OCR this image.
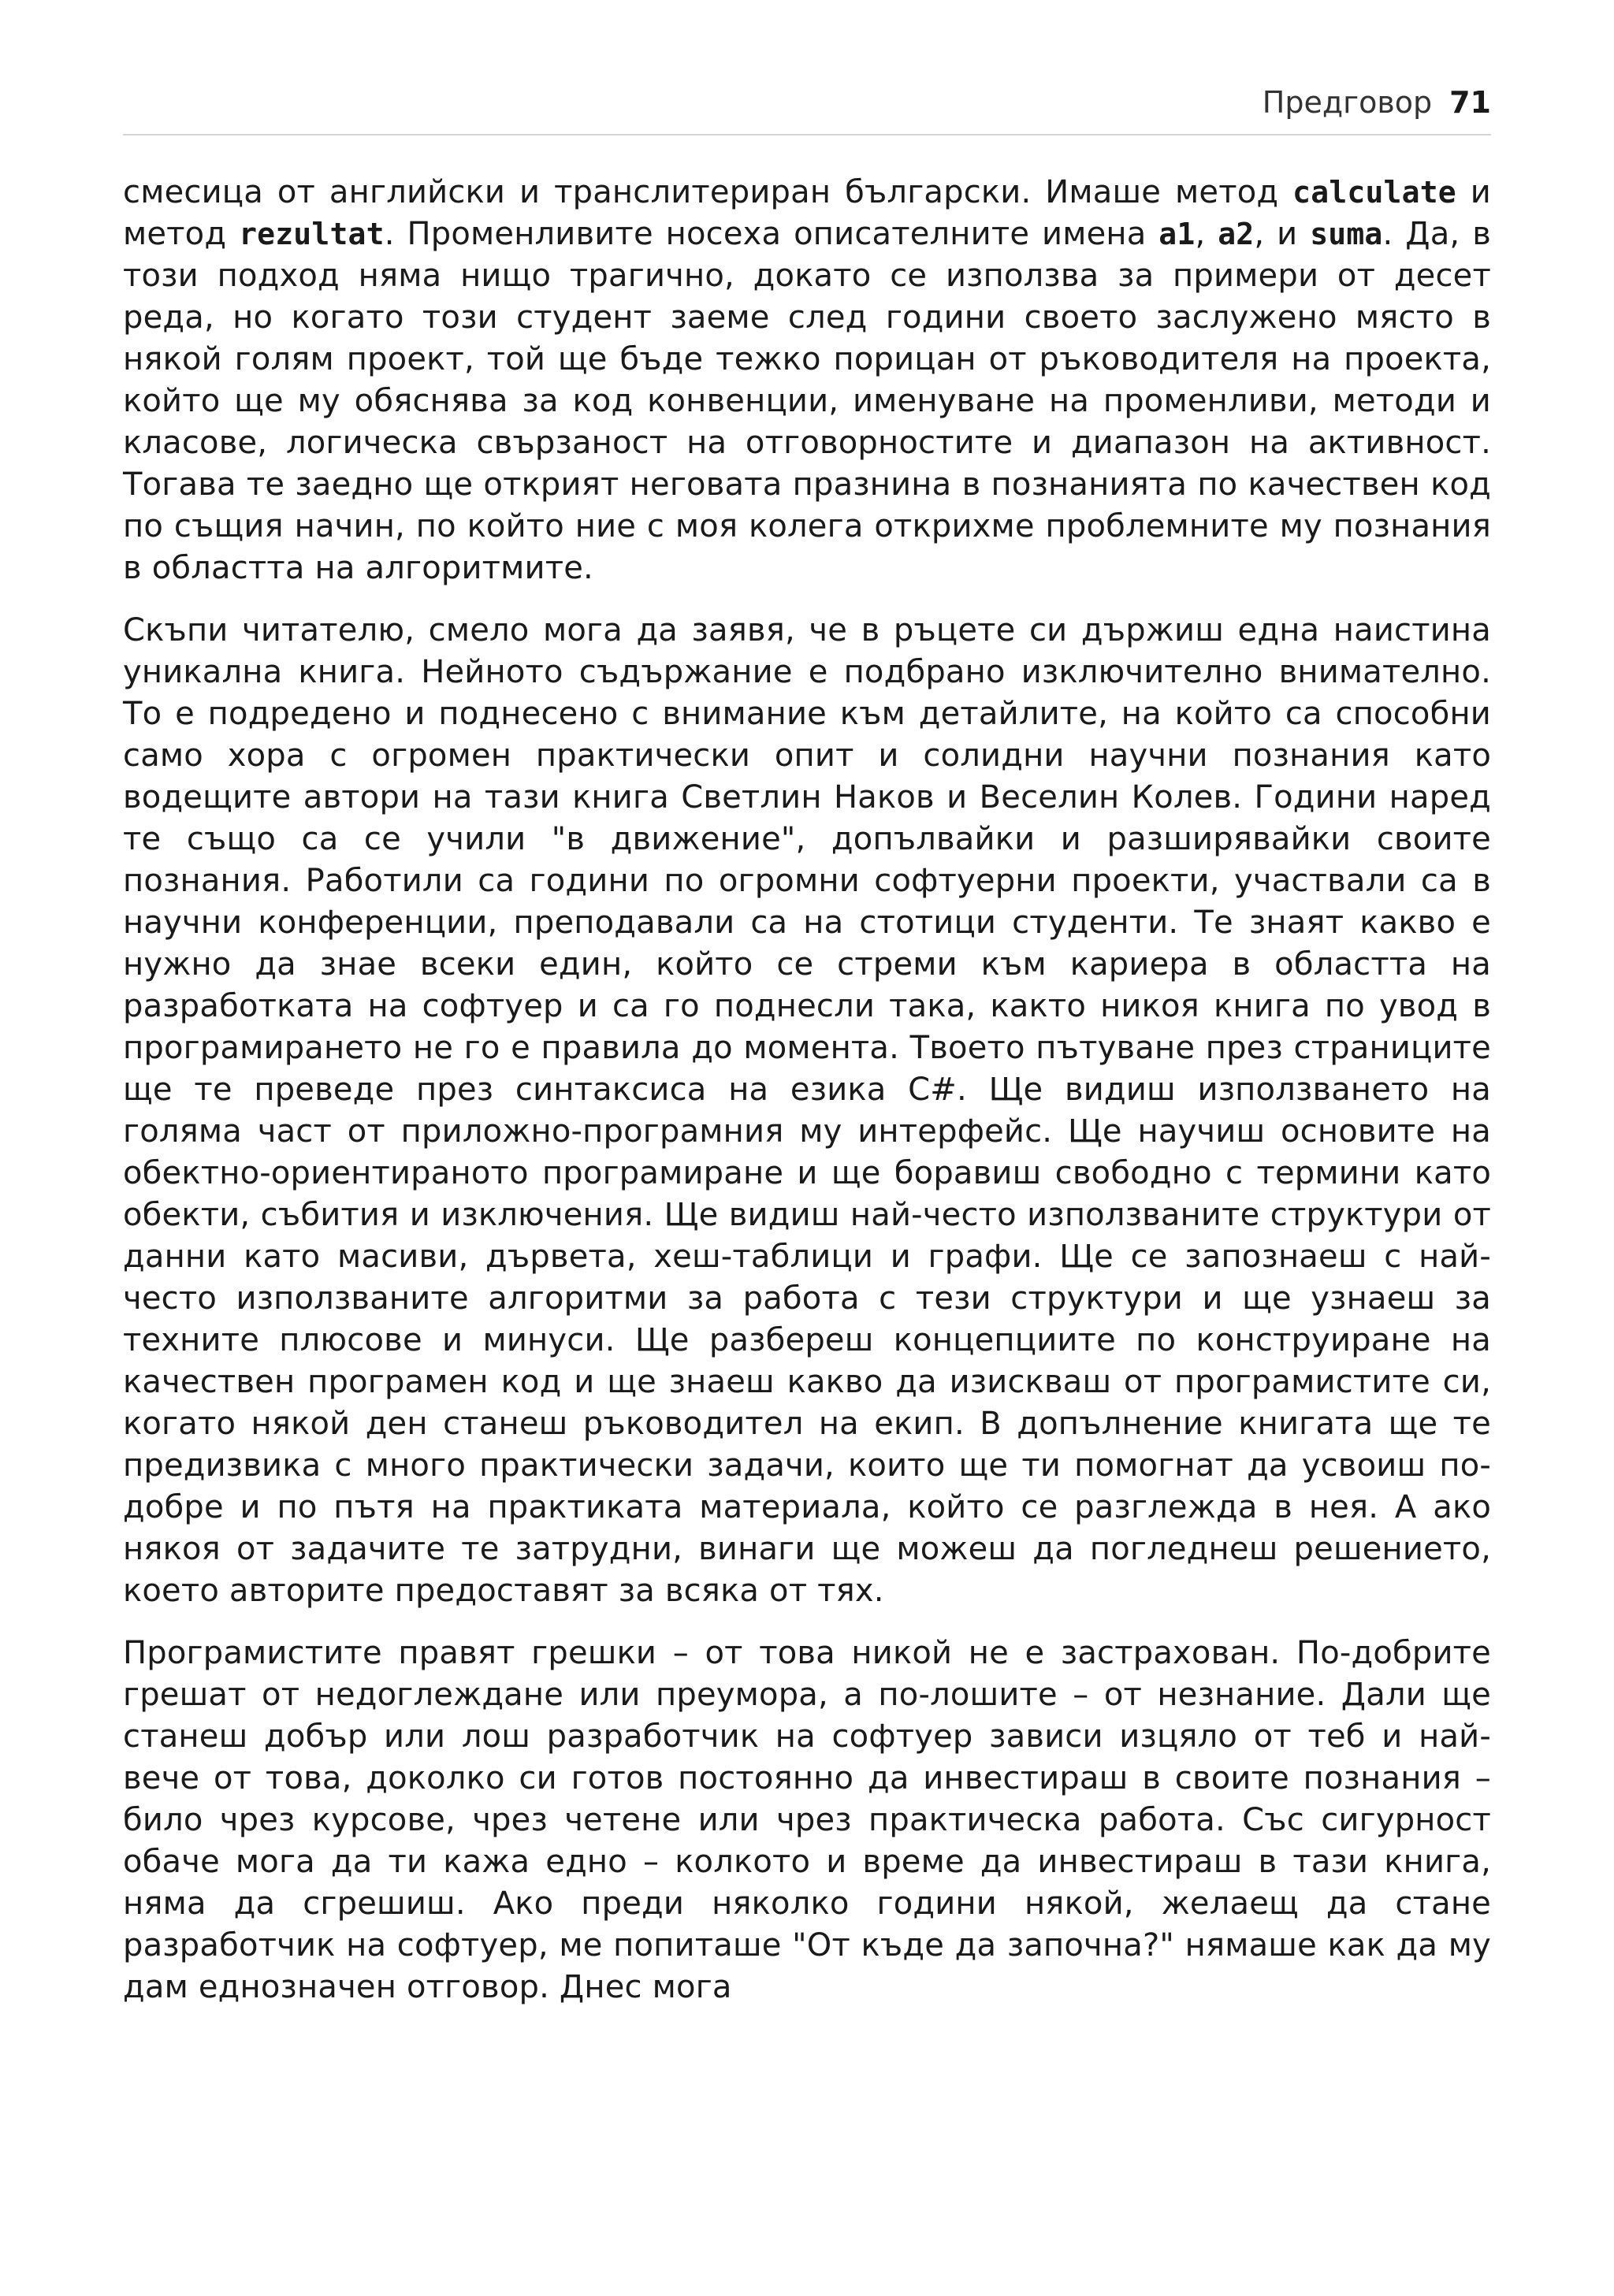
Предговор 71

смесица от английски и транслитериран български. Имаше метод calculate и метод rezultat. Променливите носеха описателните имена a1, a2, и suma. Да, в този подход няма нищо трагично, докато се използва за примери от десет реда, но когато този студент заеме след години своето заслужено място в някой голям проект, той ще бъде тежко порицан от ръководителя на проекта, който ще му обяснява за код конвенции, именуване на променливи, методи и класове, логическа свързаност на отговорностите и диапазон на активност. Тогава те заедно ще открият неговата празнина в познанията по качествен код по същия начин, по който ние с моя колега открихме проблемните му познания в областта на алгоритмите.

Скъпи читателю, смело мога да заявя, че в ръцете си държиш една наистина уникална книга. Нейното съдържание е подбрано изключително внимателно. То е подредено и поднесено с внимание към детайлите, на който са способни само хора с огромен практически опит и солидни научни познания като водещите автори на тази книга Светлин Наков и Веселин Колев. Години наред те също са се учили "в движение", допълвайки и разширявайки своите познания. Работили са години по огромни софтуерни проекти, участвали са в научни конференции, преподавали са на стотици студенти. Те знаят какво е нужно да знае всеки един, който се стреми към кариера в областта на разработката на софтуер и са го поднесли така, както никоя книга по увод в програмирането не го е правила до момента. Твоето пътуване през страниците ще те преведе през синтаксиса на езика C#. Ще видиш използването на голяма част от приложно-програмния му интерфейс. Ще научиш основите на обектно-ориентираното програмиране и ще боравиш свободно с термини като обекти, събития и изключения. Ще видиш най-често използваните структури от данни като масиви, дървета, хеш-таблици и графи. Ще се запознаеш с най-често използваните алгоритми за работа с тези структури и ще узнаеш за техните плюсове и минуси. Ще разбереш концепциите по конструиране на качествен програмен код и ще знаеш какво да изискваш от програмистите си, когато някой ден станеш ръководител на екип. В допълнение книгата ще те предизвика с много практически задачи, които ще ти помогнат да усвоиш по-добре и по пътя на практиката материала, който се разглежда в нея. А ако някоя от задачите те затрудни, винаги ще можеш да погледнеш решението, което авторите предоставят за всяка от тях.

Програмистите правят грешки – от това никой не е застрахован. По-добрите грешат от недоглеждане или преумора, а по-лошите – от незнание. Дали ще станеш добър или лош разработчик на софтуер зависи изцяло от теб и най-вече от това, доколко си готов постоянно да инвестираш в своите познания – било чрез курсове, чрез четене или чрез практическа работа. Със сигурност обаче мога да ти кажа едно – колкото и време да инвестираш в тази книга, няма да сгрешиш. Ако преди няколко години някой, желаещ да стане разработчик на софтуер, ме попиташе "От къде да започна?" нямаше как да му дам еднозначен отговор. Днес мога
